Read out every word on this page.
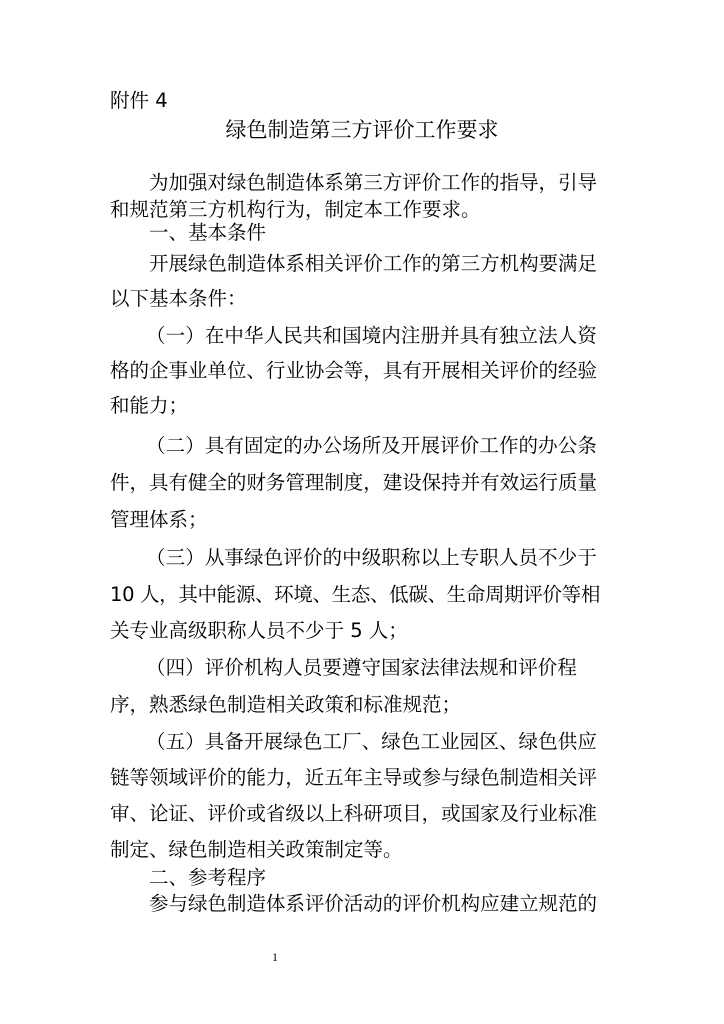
附件 4
绿色制造第三方评价工作要求
为加强对绿色制造体系第三方评价工作的指导，引导
和规范第三方机构行为，制定本工作要求。
一、基本条件
开展绿色制造体系相关评价工作的第三方机构要满足
以下基本条件：
（一）在中华人民共和国境内注册并具有独立法人资
格的企事业单位、行业协会等，具有开展相关评价的经验
和能力；
（二）具有固定的办公场所及开展评价工作的办公条
件，具有健全的财务管理制度，建设保持并有效运行质量
管理体系；
（三）从事绿色评价的中级职称以上专职人员不少于
10 人，其中能源、环境、生态、低碳、生命周期评价等相
关专业高级职称人员不少于 5 人；
（四）评价机构人员要遵守国家法律法规和评价程
序，熟悉绿色制造相关政策和标准规范；
（五）具备开展绿色工厂、绿色工业园区、绿色供应
链等领域评价的能力，近五年主导或参与绿色制造相关评
审、论证、评价或省级以上科研项目，或国家及行业标准
制定、绿色制造相关政策制定等。
二、参考程序
参与绿色制造体系评价活动的评价机构应建立规范的
1
